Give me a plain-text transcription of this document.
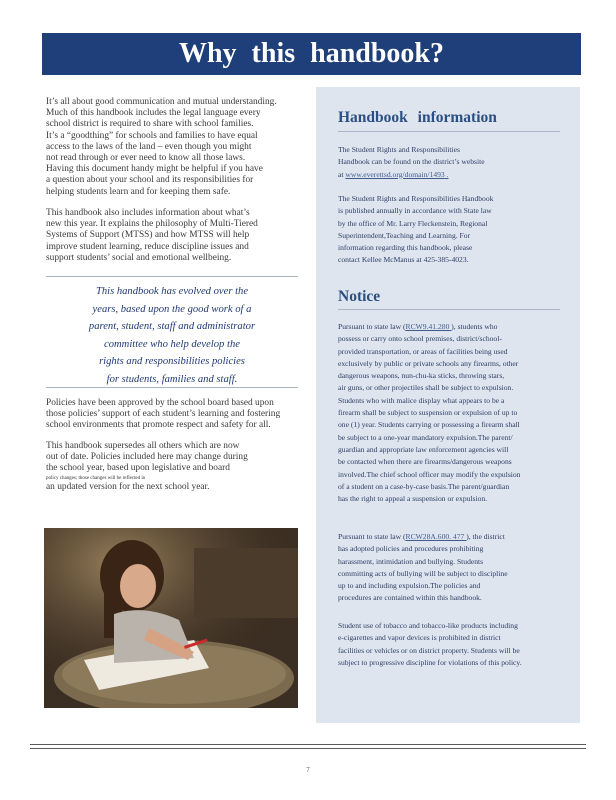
Why this handbook?
It’s all about good communication and mutual understanding.
Much of this handbook includes the legal language every
school district is required to share with school families.
It’s a “goodthing” for schools and families to have equal
access to the laws of the land – even though you might
not read through or ever need to know all those laws.
Having this document handy might be helpful if you have
a question about your school and its responsibilities for
helping students learn and for keeping them safe.
This handbook also includes information about what’s
new this year. It explains the philosophy of Multi-Tiered
Systems of Support (MTSS) and how MTSS will help
improve student learning, reduce discipline issues and
support students’ social and emotional wellbeing.
This handbook has evolved over the
years, based upon the good work of a
parent, student, staff and administrator
committee who help develop the
rights and responsibilities policies
for students, families and staff.
Policies have been approved by the school board based upon
those policies’ support of each student’s learning and fostering
school environments that promote respect and safety for all.
This handbook supersedes all others which are now
out of date. Policies included here may change during
the school year, based upon legislative and board
policy changes; those changes will be reflected in
an updated version for the next school year.
Handbook information
The Student Rights and Responsibilities
Handbook can be found on the district’s website
at www.everettsd.org/domain/1493 .
The Student Rights and Responsibilities Handbook
is published annually in accordance with State law
by the office of Mr. Larry Fleckenstein, Regional
Superintendent,Teaching and Learning. For
information regarding this handbook, please
contact Kellee McManus at 425-385-4023.
Notice
Pursuant to state law (RCW9.41.280 ), students who
possess or carry onto school premises, district/school-
provided transportation, or areas of facilities being used
exclusively by public or private schools any firearms, other
dangerous weapons, nun-chu-ka sticks, throwing stars,
air guns, or other projectiles shall be subject to expulsion.
Students who with malice display what appears to be a
firearm shall be subject to suspension or expulsion of up to
one (1) year. Students carrying or possessing a firearm shall
be subject to a one-year mandatory expulsion.The parent/
guardian and appropriate law enforcement agencies will
be contacted when there are firearms/dangerous weapons
involved.The chief school officer may modify the expulsion
of a student on a case-by-case basis.The parent/guardian
has the right to appeal a suspension or expulsion.
Pursuant to state law (RCW28A.600. 477 ), the district
has adopted policies and procedures prohibiting
harassment, intimidation and bullying. Students
committing acts of bullying will be subject to discipline
up to and including expulsion.The policies and
procedures are contained within this handbook.
Student use of tobacco and tobacco-like products including
e-cigarettes and vapor devices is prohibited in district
facilities or vehicles or on district property. Students will be
subject to progressive discipline for violations of this policy.
7
